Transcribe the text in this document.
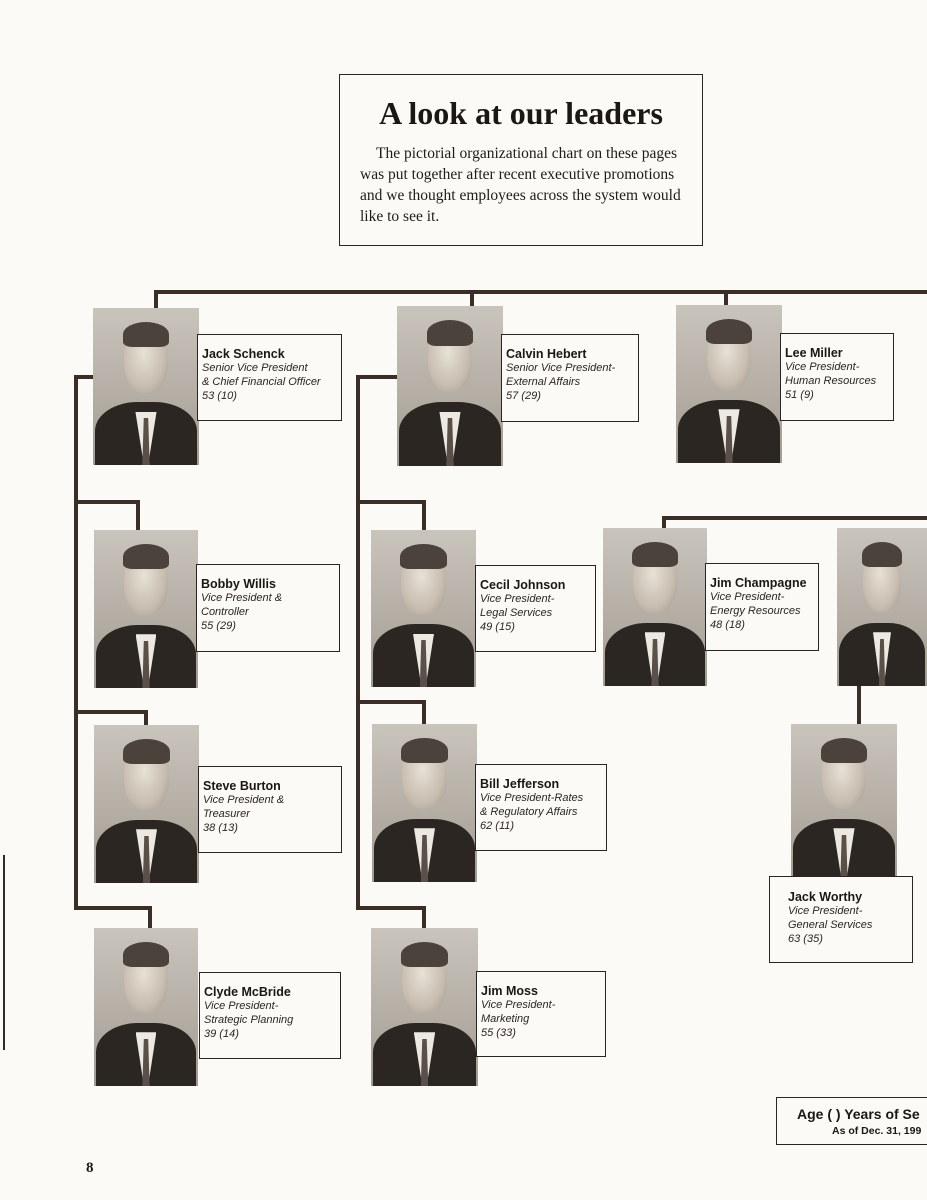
A look at our leaders

The pictorial organizational chart on these pages was put together after recent executive promotions and we thought employees across the system would like to see it.

Jack Schenck
Senior Vice President
& Chief Financial Officer
53 (10)
Calvin Hebert
Senior Vice President-
External Affairs
57 (29)
Lee Miller
Vice President-
Human Resources
51 (9)
Bobby Willis
Vice President &
Controller
55 (29)
Cecil Johnson
Vice President-
Legal Services
49 (15)
Jim Champagne
Vice President-
Energy Resources
48 (18)
Steve Burton
Vice President &
Treasurer
38 (13)
Bill Jefferson
Vice President-Rates
& Regulatory Affairs
62 (11)
Jack Worthy
Vice President-
General Services
63 (35)
Clyde McBride
Vice President-
Strategic Planning
39 (14)
Jim Moss
Vice President-
Marketing
55 (33)
Age ( ) Years of Se
As of Dec. 31, 199
8
